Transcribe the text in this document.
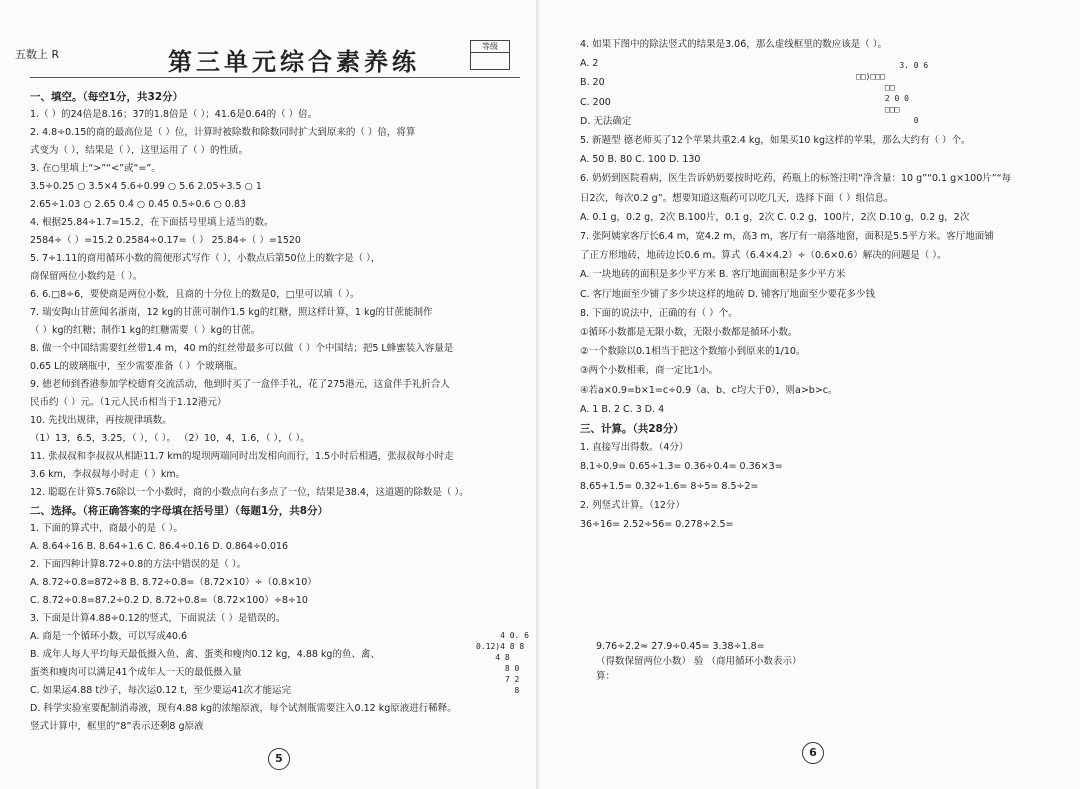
五数上 R	第三单元综合素养练
等级
一、填空。（每空1分，共32分）
1.（ ）的24倍是8.16；37的1.8倍是（ ）；41.6是0.64的（ ）倍。
2. 4.8÷0.15的商的最高位是（ ）位，计算时被除数和除数同时扩大到原来的（ ）倍，将算
式变为（ ），结果是（ ），这里运用了（ ）的性质。
3. 在○里填上“>”“<”或“=”。
3.5÷0.25 ○ 3.5×4 5.6÷0.99 ○ 5.6 2.05÷3.5 ○ 1
2.65÷1.03 ○ 2.65 0.4̇ ○ 0.4̇5̇ 0.5÷0.6 ○ 0.8̇3̇
4. 根据25.84÷1.7=15.2，在下面括号里填上适当的数。
2584÷（ ）=15.2 0.2584÷0.17=（ ） 25.84÷（ ）=1520
5. 7÷1.11的商用循环小数的简便形式写作（ ），小数点后第50位上的数字是（ ），
商保留两位小数约是（ ）。
6. 6.□8÷6，要使商是两位小数，且商的十分位上的数是0，□里可以填（ ）。
7. 瑞安陶山甘蔗闻名浙南，12 kg的甘蔗可制作1.5 kg的红糖，照这样计算，1 kg的甘蔗能制作
（ ）kg的红糖；制作1 kg的红糖需要（ ）kg的甘蔗。
8. 做一个中国结需要红丝带1.4 m，40 m的红丝带最多可以做（ ）个中国结；把5 L蜂蜜装入容量是
0.65 L的玻璃瓶中，至少需要准备（ ）个玻璃瓶。
9. 徳老师到香港参加学校德育交流活动，他到时买了一盒伴手礼，花了275港元，这盒伴手礼折合人
民币约（ ）元。（1元人民币相当于1.12港元）
10. 先找出规律，再按规律填数。
（1）13，6.5，3.25，（ ），（ ）。 （2）10，4，1.6，（ ），（ ）。
11. 张叔叔和李叔叔从相距11.7 km的堤坝两端同时出发相向而行，1.5小时后相遇，张叔叔每小时走
3.6 km，李叔叔每小时走（ ）km。
12. 聪聪在计算5.76除以一个小数时，商的小数点向右多点了一位，结果是38.4，这道题的除数是（ ）。
二、选择。（将正确答案的字母填在括号里）（每题1分，共8分）
1. 下面的算式中，商最小的是（ ）。
A. 8.64÷16 B. 8.64÷1.6 C. 86.4÷0.16 D. 0.864÷0.016
2. 下面四种计算8.72÷0.8的方法中错误的是（ ）。
A. 8.72÷0.8=872÷8 B. 8.72÷0.8=（8.72×10）÷（0.8×10）
C. 8.72÷0.8=87.2÷0.2 D. 8.72÷0.8=（8.72×100）÷8÷10
3. 下面是计算4.88÷0.12的竖式，下面说法（ ）是错误的。
A. 商是一个循环小数，可以写成40.6̇
B. 成年人每人平均每天最低摄入鱼、禽、蛋类和瘦肉0.12 kg，4.88 kg的鱼、禽、
蛋类和瘦肉可以满足41个成年人一天的最低摄入量
C. 如果运4.88 t沙子，每次运0.12 t，至少要运41次才能运完
D. 科学实验室要配制消毒液，现有4.88 kg的浓缩原液，每个试剂瓶需要注入0.12 kg原液进行稀释。
竖式计算中，框里的“8”表示还剩8 g原液
4 0. 6
0.12)4 8 8
4 8
8 0
7 2
8
5
4. 如果下图中的除法竖式的结果是3.0̇6̇，那么虚线框里的数应该是（ ）。
A. 2
B. 20
C. 200
D. 无法确定
5. 新题型 德老师买了12个苹果共重2.4 kg，如果买10 kg这样的苹果，那么大约有（ ）个。
A. 50 B. 80 C. 100 D. 130
6. 奶奶到医院看病，医生告诉奶奶要按时吃药，药瓶上的标签注明“净含量：10 g”“0.1 g×100片”“每
日2次，每次0.2 g”。想要知道这瓶药可以吃几天，选择下面（ ）组信息。
A. 0.1 g，0.2 g，2次 B.100片，0.1 g，2次 C. 0.2 g，100片，2次 D.10 g，0.2 g，2次
7. 张阿姨家客厅长6.4 m，宽4.2 m，高3 m，客厅有一扇落地窗，面积是5.5平方米。客厅地面铺
了正方形地砖，地砖边长0.6 m。算式（6.4×4.2）÷（0.6×0.6）解决的问题是（ ）。
A. 一块地砖的面积是多少平方米 B. 客厅地面面积是多少平方米
C. 客厅地面至少铺了多少块这样的地砖 D. 铺客厅地面至少要花多少钱
8. 下面的说法中，正确的有（ ）个。
①循环小数都是无限小数，无限小数都是循环小数。
②一个数除以0.1相当于把这个数缩小到原来的1/10。
③两个小数相乘，商一定比1小。
④若a×0.9=b×1=c÷0.9（a、b、c均大于0），则a>b>c。
A. 1 B. 2 C. 3 D. 4
三、计算。（共28分）
1. 直接写出得数。（4分）
8.1÷0.9= 0.65÷1.3= 0.36÷0.4= 0.36×3=
8.65+1.5= 0.32÷1.6= 8÷5= 8.5÷2=
2. 列竖式计算。（12分）
36÷16= 2.52÷56= 0.278÷2.5=
9.76÷2.2≈ 27.9÷0.45= 3.38÷1.8=
（得数保留两位小数） 验 （商用循环小数表示）
算：
6
3. 0 6
□□)□□□
□□
2 0 0
□□□
0
